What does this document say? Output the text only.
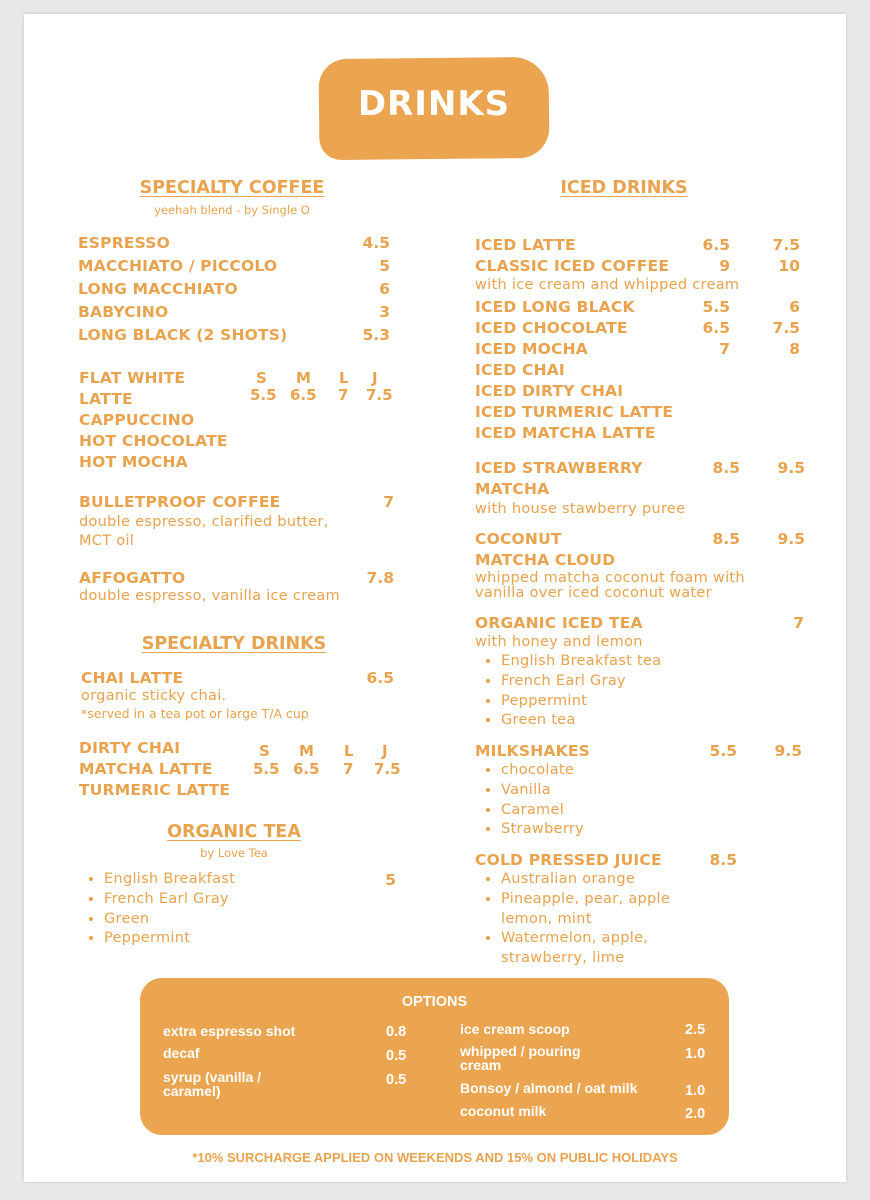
DRINKS
SPECIALTY COFFEE
yeehah blend - by Single O
ESPRESSO	4.5
MACCHIATO / PICCOLO	5
LONG MACCHIATO	6
BABYCINO	3
LONG BLACK (2 SHOTS)	5.3
FLAT WHITE
LATTE
CAPPUCCINO
HOT CHOCOLATE
HOT MOCHA
S M L J
5.5 6.5 7 7.5
BULLETPROOF COFFEE	7
double espresso, clarified butter,
MCT oil
AFFOGATTO	7.8
double espresso, vanilla ice cream
SPECIALTY DRINKS
CHAI LATTE	6.5
organic sticky chai.
*served in a tea pot or large T/A cup
DIRTY CHAI
MATCHA LATTE
TURMERIC LATTE
S M L J
5.5 6.5 7 7.5
ORGANIC TEA
by Love Tea
5
• English Breakfast
• French Earl Gray
• Green
• Peppermint
ICED DRINKS
ICED LATTE	6.5	7.5
CLASSIC ICED COFFEE	9	10
with ice cream and whipped cream
ICED LONG BLACK	5.5	6
ICED CHOCOLATE	6.5	7.5
ICED MOCHA	7	8
ICED CHAI
ICED DIRTY CHAI
ICED TURMERIC LATTE
ICED MATCHA LATTE
ICED STRAWBERRY
MATCHA
8.5	9.5
with house stawberry puree
COCONUT
MATCHA CLOUD
8.5	9.5
whipped matcha coconut foam with
vanilla over iced coconut water
ORGANIC ICED TEA	7
with honey and lemon
• English Breakfast tea
• French Earl Gray
• Peppermint
• Green tea
MILKSHAKES	5.5	9.5
• chocolate
• Vanilla
• Caramel
• Strawberry
COLD PRESSED JUICE	8.5
• Australian orange
• Pineapple, pear, apple
lemon, mint
• Watermelon, apple,
strawberry, lime
OPTIONS
extra espresso shot	0.8
decaf	0.5
syrup (vanilla /
caramel)
0.5
ice cream scoop	2.5
whipped / pouring
cream
1.0
Bonsoy / almond / oat milk	1.0
coconut milk	2.0
*10% SURCHARGE APPLIED ON WEEKENDS AND 15% ON PUBLIC HOLIDAYS
